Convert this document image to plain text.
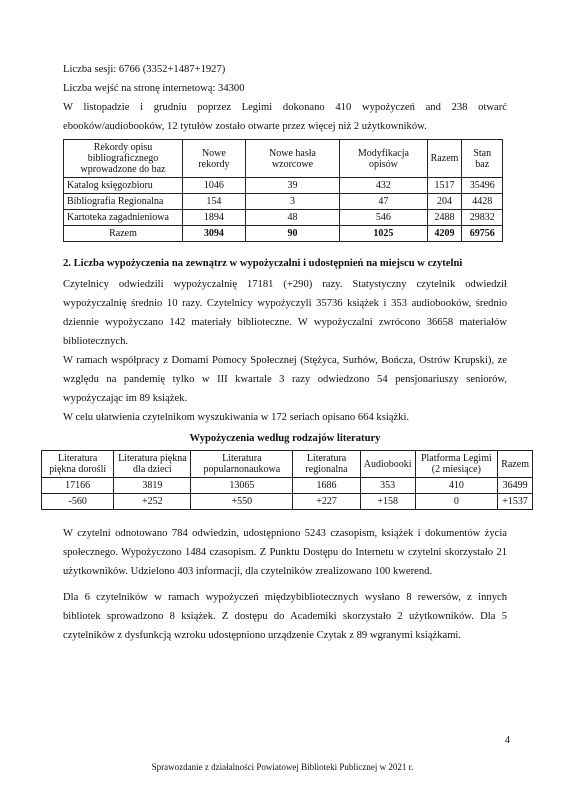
Liczba sesji: 6766 (3352+1487+1927)

Liczba wejść na stronę internetową: 34300

W listopadzie i grudniu poprzez Legimi dokonano 410 wypożyczeń and 238 otwarć ebooków/audiobooków, 12 tytułów zostało otwarte przez więcej niż 2 użytkowników.

Rekordy opisu bibliograficznego wprowadzone do baz	Nowe rekordy	Nowe hasła wzorcowe	Modyfikacja opisów	Razem	Stan baz
Katalog księgozbioru	1046	39	432	1517	35496
Bibliografia Regionalna	154	3	47	204	4428
Kartoteka zagadnieniowa	1894	48	546	2488	29832
Razem	3094	90	1025	4209	69756

2. Liczba wypożyczenia na zewnątrz w wypożyczalni i udostępnień na miejscu w czytelni

Czytelnicy odwiedzili wypożyczalnię 17181 (+290) razy. Statystyczny czytelnik odwiedził wypożyczalnię średnio 10 razy. Czytelnicy wypożyczyli 35736 książek i 353 audiobooków, średnio dziennie wypożyczano 142 materiały biblioteczne. W wypożyczalni zwrócono 36658 materiałów bibliotecznych.

W ramach współpracy z Domami Pomocy Społecznej (Stężyca, Surhów, Bończa, Ostrów Krupski), ze względu na pandemię tylko w III kwartale 3 razy odwiedzono 54 pensjonariuszy seniorów, wypożyczając im 89 książek.

W celu ułatwienia czytelnikom wyszukiwania w 172 seriach opisano 664 książki.

Wypożyczenia według rodzajów literatury

Literatura piękna dorośli	Literatura piękna dla dzieci	Literatura popularnonaukowa	Literatura regionalna	Audiobooki	Platforma Legimi (2 miesiące)	Razem
17166	3819	13065	1686	353	410	36499
-560	+252	+550	+227	+158	0	+1537

W czytelni odnotowano 784 odwiedzin, udostępniono 5243 czasopism, książek i dokumentów życia społecznego. Wypożyczono 1484 czasopism. Z Punktu Dostępu do Internetu w czytelni skorzystało 21 użytkowników. Udzielono 403 informacji, dla czytelników zrealizowano 100 kwerend.

Dla 6 czytelników w ramach wypożyczeń międzybibliotecznych wysłano 8 rewersów, z innych bibliotek sprowadzono 8 książek. Z dostępu do Academiki skorzystało 2 użytkowników. Dla 5 czytelników z dysfunkcją wzroku udostępniono urządzenie Czytak z 89 wgranymi książkami.

4
Sprawozdanie z działalności Powiatowej Biblioteki Publicznej w 2021 r.
